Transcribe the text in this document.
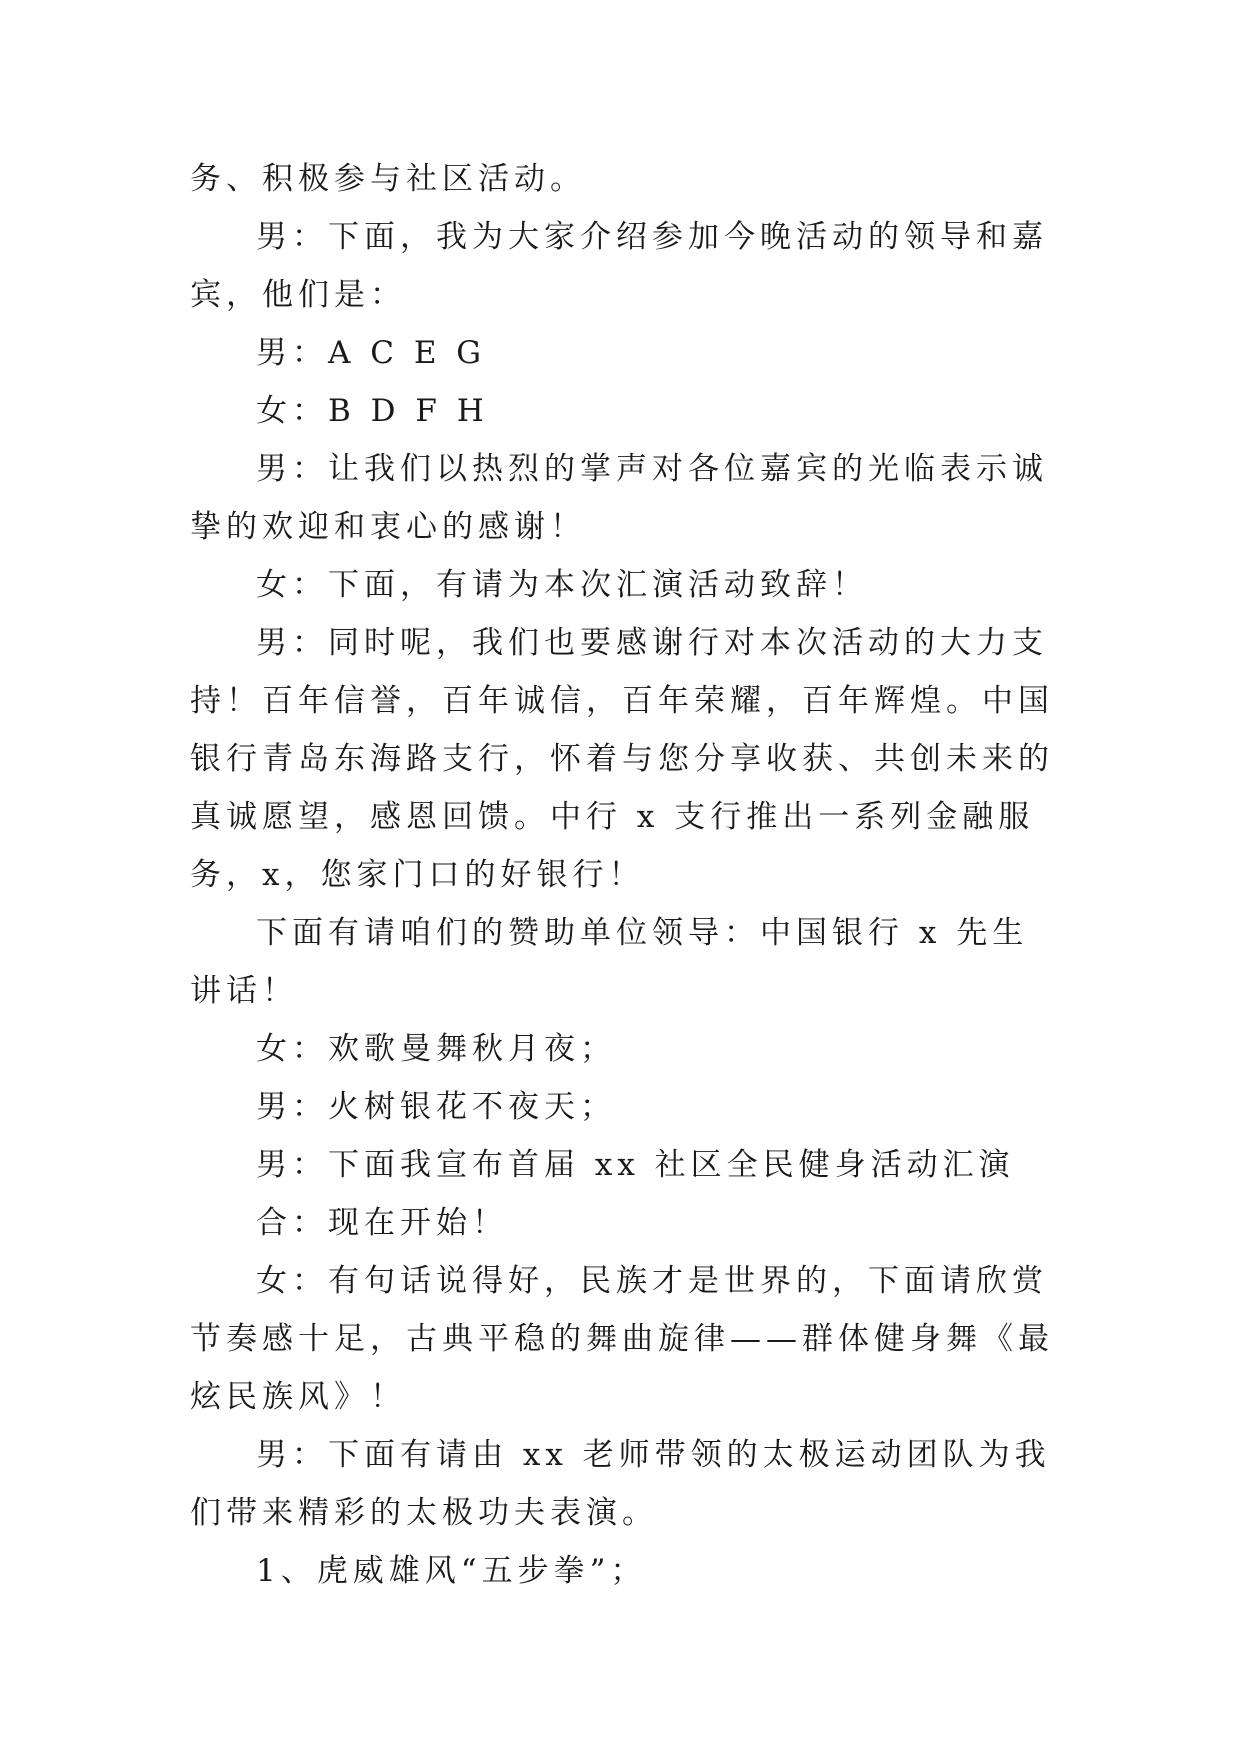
务、积极参与社区活动。

男：下面，我为大家介绍参加今晚活动的领导和嘉宾，他们是：

男：A C E G

女：B D F H

男：让我们以热烈的掌声对各位嘉宾的光临表示诚挚的欢迎和衷心的感谢！

女：下面，有请为本次汇演活动致辞！

男：同时呢，我们也要感谢行对本次活动的大力支持！百年信誉，百年诚信，百年荣耀，百年辉煌。中国银行青岛东海路支行，怀着与您分享收获、共创未来的真诚愿望，感恩回馈。中行 x 支行推出一系列金融服务，x，您家门口的好银行！

下面有请咱们的赞助单位领导：中国银行 x 先生讲话！

女：欢歌曼舞秋月夜；

男：火树银花不夜天；

男：下面我宣布首届 xx 社区全民健身活动汇演

合：现在开始！

女：有句话说得好，民族才是世界的，下面请欣赏节奏感十足，古典平稳的舞曲旋律——群体健身舞《最炫民族风》！

男：下面有请由 xx 老师带领的太极运动团队为我们带来精彩的太极功夫表演。

1、虎威雄风“五步拳”；
